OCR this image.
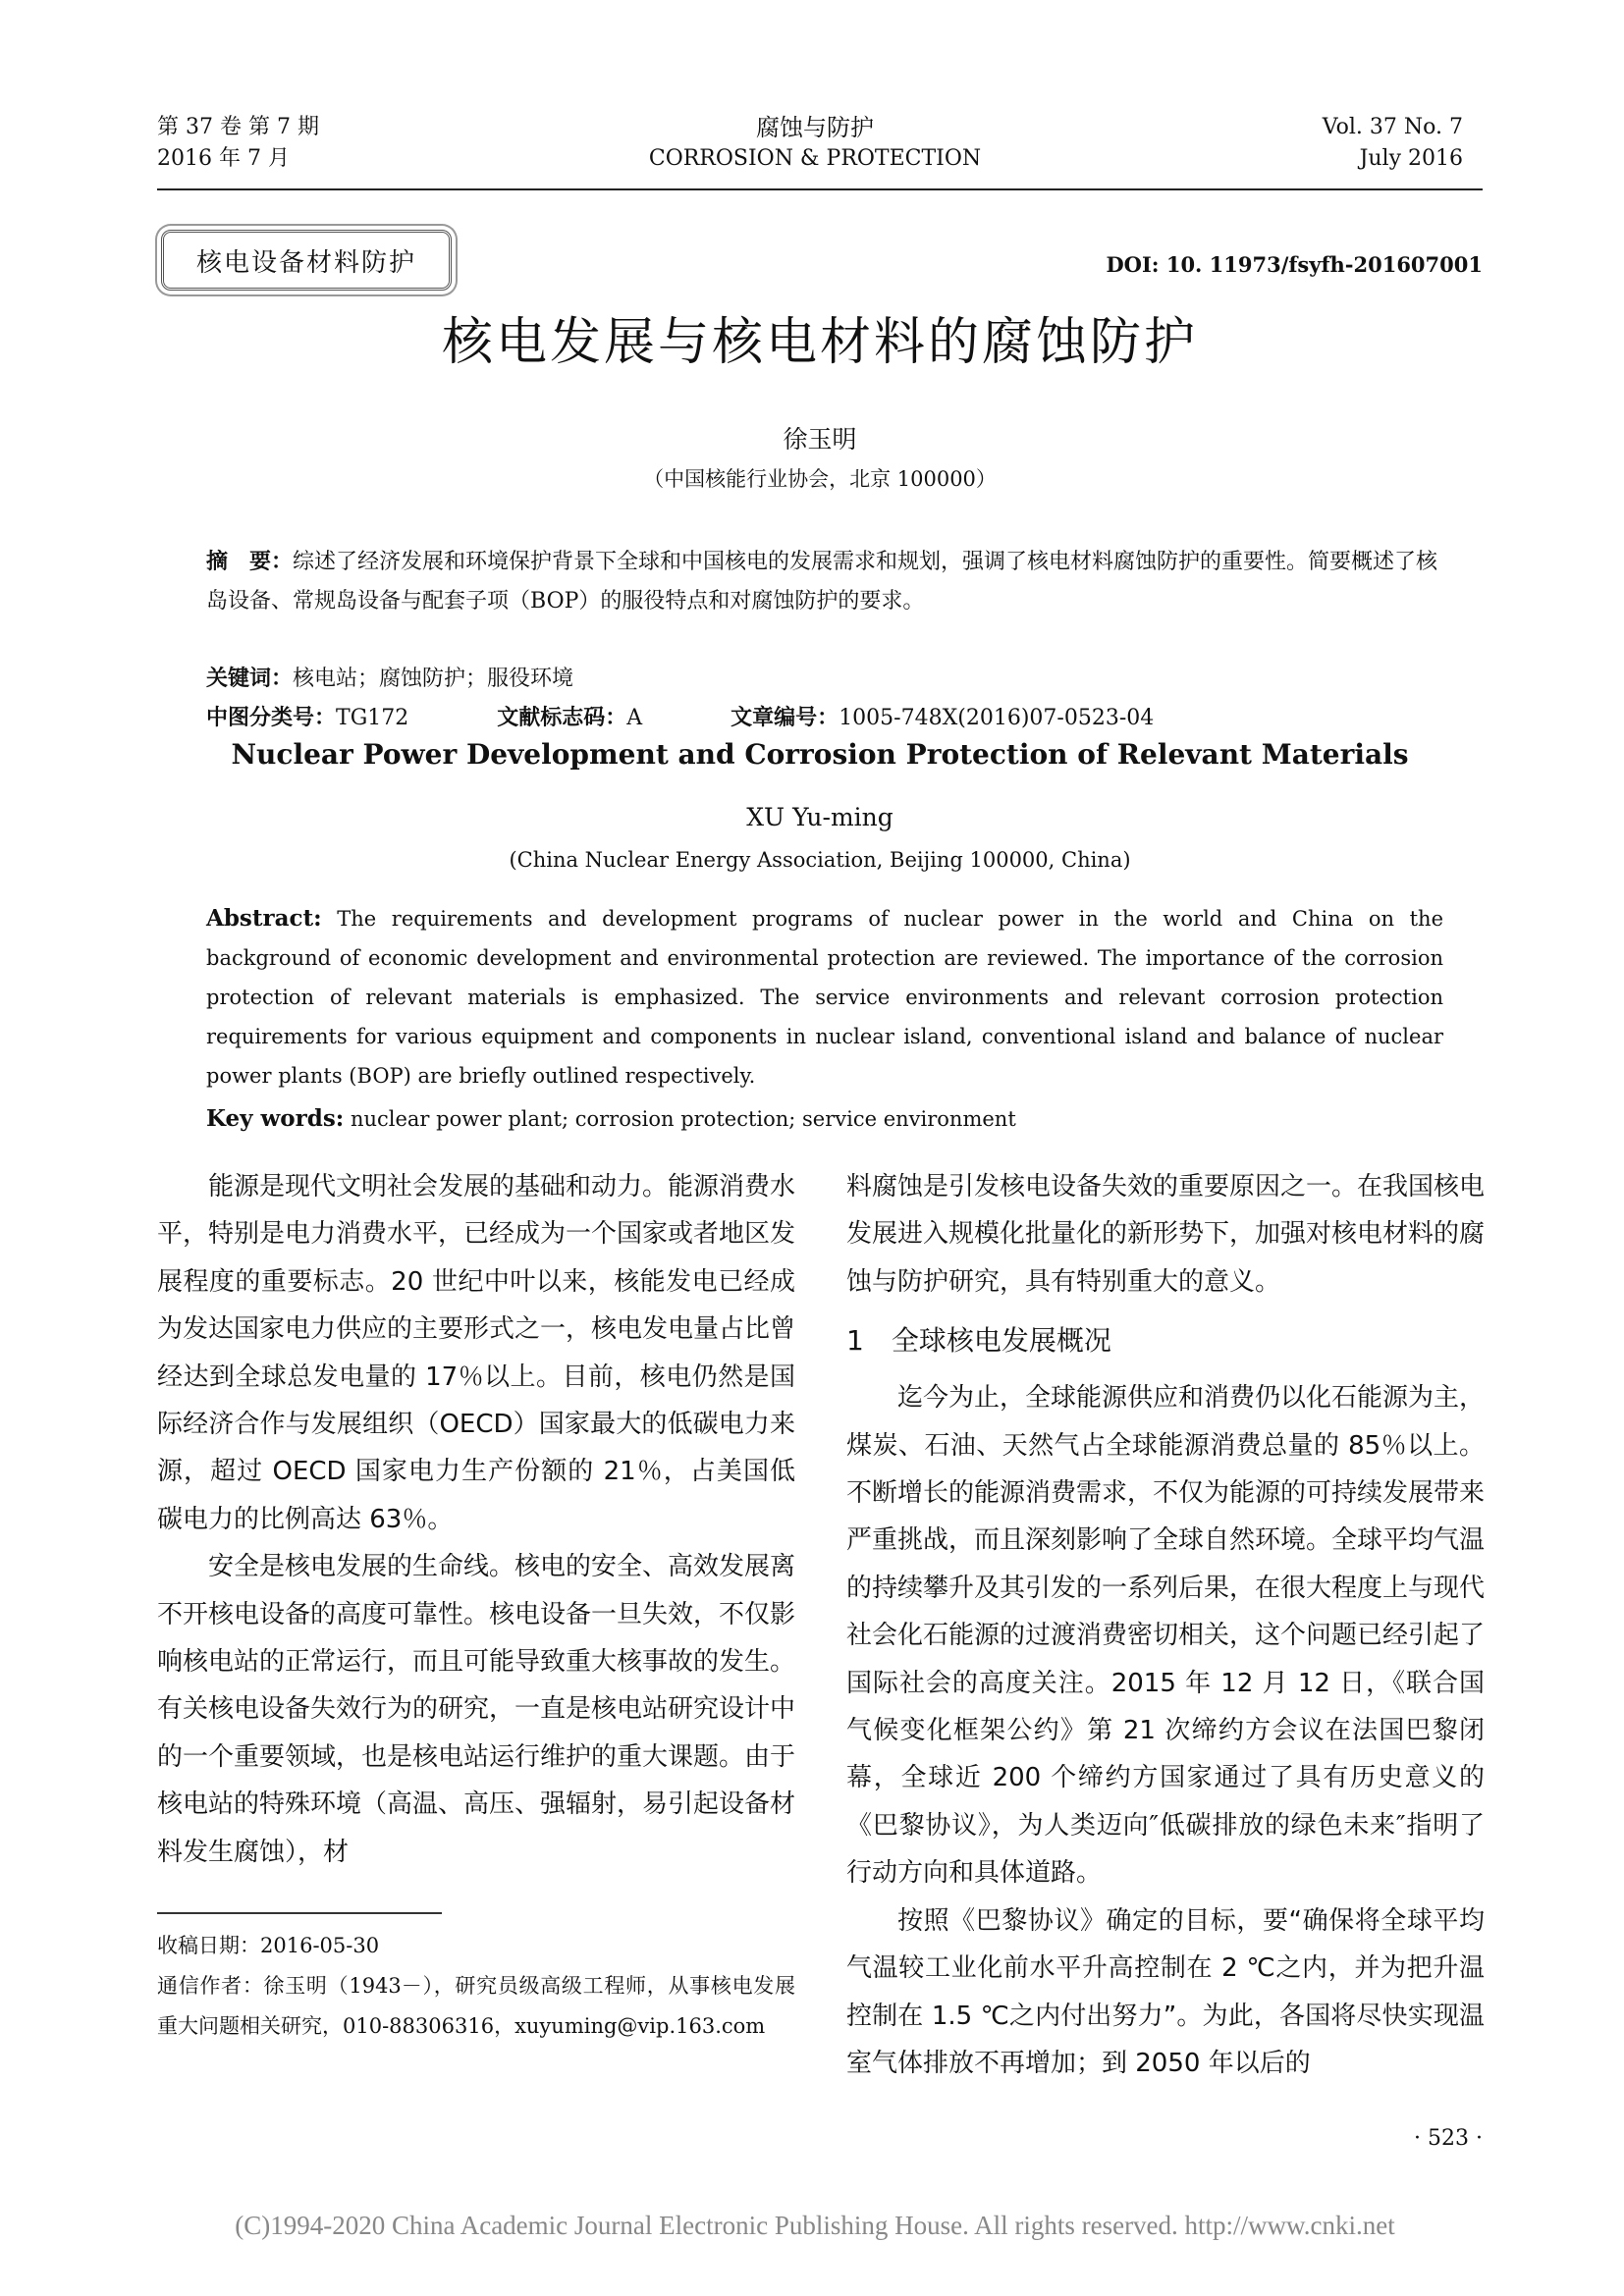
第 37 卷 第 7 期
2016 年 7 月
腐蚀与防护
CORROSION & PROTECTION
Vol. 37 No. 7
July 2016
核电设备材料防护	DOI: 10. 11973/fsyfh-201607001
核电发展与核电材料的腐蚀防护
徐玉明
（中国核能行业协会，北京 100000）
摘　要：综述了经济发展和环境保护背景下全球和中国核电的发展需求和规划，强调了核电材料腐蚀防护的重要性。简要概述了核岛设备、常规岛设备与配套子项（BOP）的服役特点和对腐蚀防护的要求。
关键词：核电站；腐蚀防护；服役环境
中图分类号：TG172	文献标志码：A	文章编号：1005-748X(2016)07-0523-04
Nuclear Power Development and Corrosion Protection of Relevant Materials
XU Yu-ming
(China Nuclear Energy Association, Beijing 100000, China)
Abstract: The requirements and development programs of nuclear power in the world and China on the background of economic development and environmental protection are reviewed. The importance of the corrosion protection of relevant materials is emphasized. The service environments and relevant corrosion protection requirements for various equipment and components in nuclear island, conventional island and balance of nuclear power plants (BOP) are briefly outlined respectively.
Key words: nuclear power plant; corrosion protection; service environment

能源是现代文明社会发展的基础和动力。能源消费水平，特别是电力消费水平，已经成为一个国家或者地区发展程度的重要标志。20 世纪中叶以来，核能发电已经成为发达国家电力供应的主要形式之一，核电发电量占比曾经达到全球总发电量的 17％以上。目前，核电仍然是国际经济合作与发展组织（OECD）国家最大的低碳电力来源，超过 OECD 国家电力生产份额的 21％，占美国低碳电力的比例高达 63％。

安全是核电发展的生命线。核电的安全、高效发展离不开核电设备的高度可靠性。核电设备一旦失效，不仅影响核电站的正常运行，而且可能导致重大核事故的发生。有关核电设备失效行为的研究，一直是核电站研究设计中的一个重要领域，也是核电站运行维护的重大课题。由于核电站的特殊环境（高温、高压、强辐射，易引起设备材料发生腐蚀），材

料腐蚀是引发核电设备失效的重要原因之一。在我国核电发展进入规模化批量化的新形势下，加强对核电材料的腐蚀与防护研究，具有特别重大的意义。

1　全球核电发展概况

迄今为止，全球能源供应和消费仍以化石能源为主，煤炭、石油、天然气占全球能源消费总量的 85％以上。不断增长的能源消费需求，不仅为能源的可持续发展带来严重挑战，而且深刻影响了全球自然环境。全球平均气温的持续攀升及其引发的一系列后果，在很大程度上与现代社会化石能源的过渡消费密切相关，这个问题已经引起了国际社会的高度关注。2015 年 12 月 12 日，《联合国气候变化框架公约》第 21 次缔约方会议在法国巴黎闭幕，全球近 200 个缔约方国家通过了具有历史意义的《巴黎协议》，为人类迈向″低碳排放的绿色未来″指明了行动方向和具体道路。

按照《巴黎协议》确定的目标，要“确保将全球平均气温较工业化前水平升高控制在 2 ℃之内，并为把升温控制在 1.5 ℃之内付出努力”。为此，各国将尽快实现温室气体排放不再增加；到 2050 年以后的

收稿日期：2016-05-30
通信作者：徐玉明（1943－），研究员级高级工程师，从事核电发展重大问题相关研究，010-88306316，xuyuming@vip.163.com
· 523 ·
(C)1994-2020 China Academic Journal Electronic Publishing House. All rights reserved. http://www.cnki.net
